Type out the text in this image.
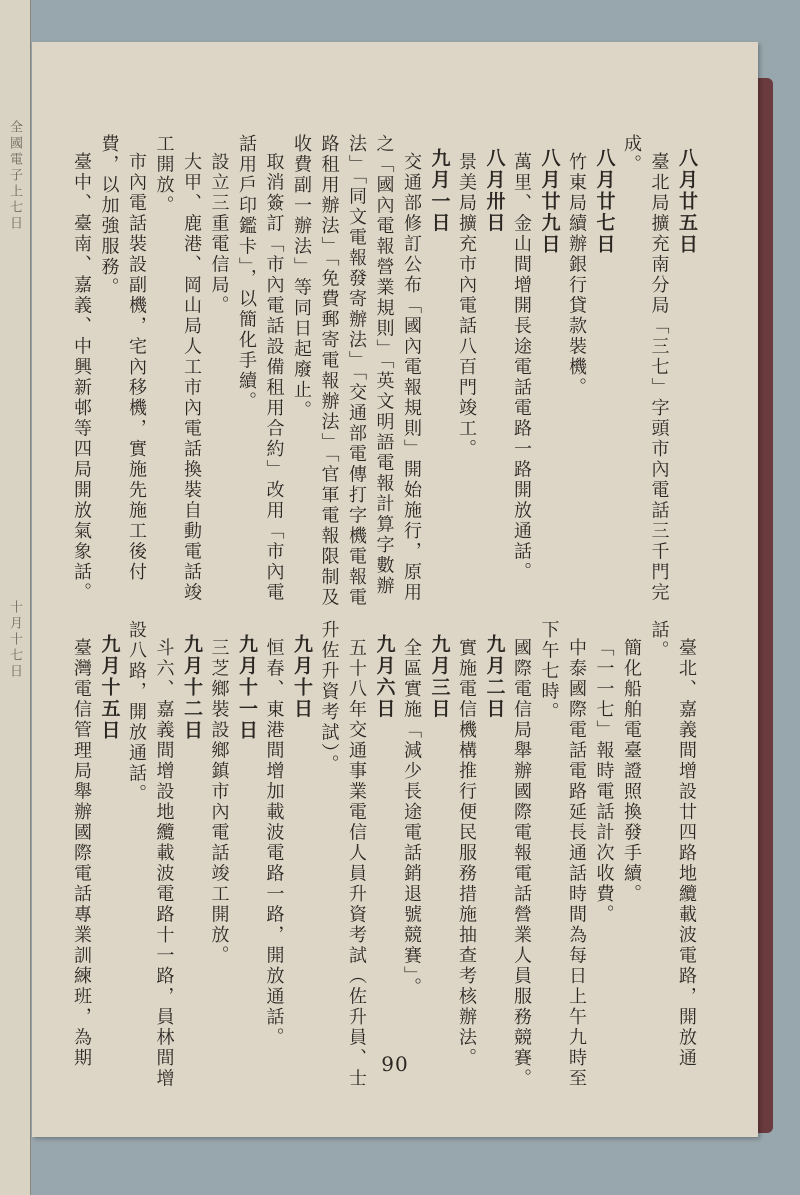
全國電子上七日
十月十七日
八月廿五日
臺北局擴充南分局「三七」字頭市內電話三千門完成。
八月廿七日
竹東局續辦銀行貸款裝機。
八月廿九日
萬里、金山間增開長途電話電路一路開放通話。
八月卅日
景美局擴充市內電話八百門竣工。
九月一日
交通部修訂公布「國內電報規則」開始施行，原用之「國內電報營業規則」「英文明語電報計算字數辦法」「同文電報發寄辦法」「交通部電傳打字機電報電路租用辦法」「免費郵寄電報辦法」「官軍電報限制及收費副一辦法」等同日起廢止。
取消簽訂「市內電話設備租用合約」改用「市內電話用戶印鑑卡」，以簡化手續。
設立三重電信局。
大甲、鹿港、岡山局人工市內電話換裝自動電話竣工開放。
市內電話裝設副機，宅內移機，實施先施工後付費，以加強服務。
臺中、臺南、嘉義、中興新邨等四局開放氣象話。
臺北、嘉義間增設廿四路地纜載波電路，開放通話。
簡化船舶電臺證照換發手續。
「一一七」報時電話計次收費。
中泰國際電話電路延長通話時間為每日上午九時至下午七時。
國際電信局舉辦國際電報電話營業人員服務競賽。
九月二日
實施電信機構推行便民服務措施抽查考核辦法。
九月三日
全區實施「減少長途電話銷退號競賽」。
九月六日
五十八年交通事業電信人員升資考試（佐升員、士升佐升資考試）。
九月十日
恒春、東港間增加載波電路一路，開放通話。
九月十一日
三芝鄉裝設鄉鎮市內電話竣工開放。
九月十二日
斗六、嘉義間增設地纜載波電路十一路，員林間增設八路，開放通話。
九月十五日
臺灣電信管理局舉辦國際電話專業訓練班，為期	90
